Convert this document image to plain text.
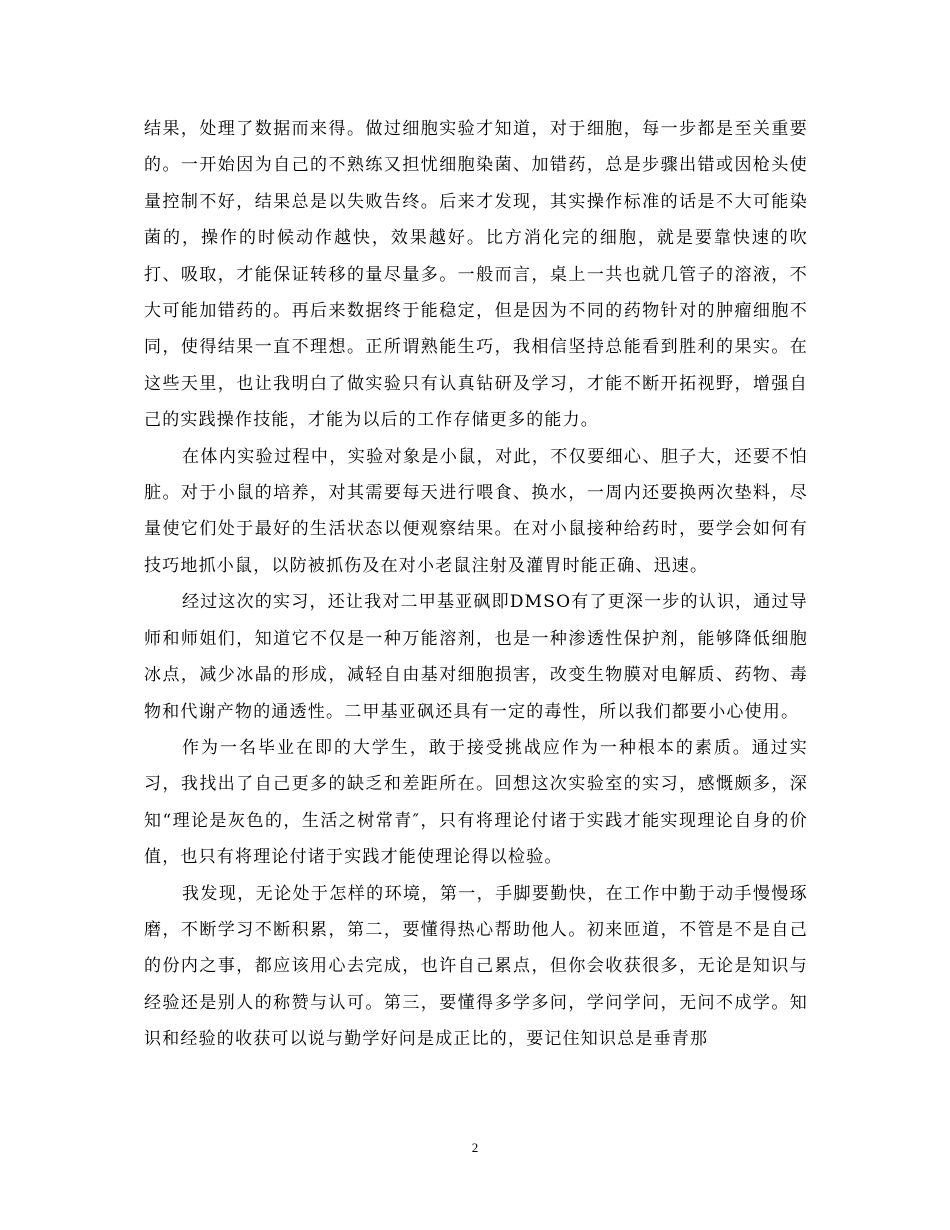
结果，处理了数据而来得。做过细胞实验才知道，对于细胞，每一步都是至关重要的。一开始因为自己的不熟练又担忧细胞染菌、加错药，总是步骤出错或因枪头使量控制不好，结果总是以失败告终。后来才发现，其实操作标准的话是不大可能染菌的，操作的时候动作越快，效果越好。比方消化完的细胞，就是要靠快速的吹打、吸取，才能保证转移的量尽量多。一般而言，桌上一共也就几管子的溶液，不大可能加错药的。再后来数据终于能稳定，但是因为不同的药物针对的肿瘤细胞不同，使得结果一直不理想。正所谓熟能生巧，我相信坚持总能看到胜利的果实。在这些天里，也让我明白了做实验只有认真钻研及学习，才能不断开拓视野，增强自己的实践操作技能，才能为以后的工作存储更多的能力。

在体内实验过程中，实验对象是小鼠，对此，不仅要细心、胆子大，还要不怕脏。对于小鼠的培养，对其需要每天进行喂食、换水，一周内还要换两次垫料，尽量使它们处于最好的生活状态以便观察结果。在对小鼠接种给药时，要学会如何有技巧地抓小鼠，以防被抓伤及在对小老鼠注射及灌胃时能正确、迅速。

经过这次的实习，还让我对二甲基亚砜即DMSO有了更深一步的认识，通过导师和师姐们，知道它不仅是一种万能溶剂，也是一种渗透性保护剂，能够降低细胞冰点，减少冰晶的形成，减轻自由基对细胞损害，改变生物膜对电解质、药物、毒物和代谢产物的通透性。二甲基亚砜还具有一定的毒性，所以我们都要小心使用。

作为一名毕业在即的大学生，敢于接受挑战应作为一种根本的素质。通过实习，我找出了自己更多的缺乏和差距所在。回想这次实验室的实习，感慨颇多，深知“理论是灰色的，生活之树常青″，只有将理论付诸于实践才能实现理论自身的价值，也只有将理论付诸于实践才能使理论得以检验。

我发现，无论处于怎样的环境，第一，手脚要勤快，在工作中勤于动手慢慢琢磨，不断学习不断积累，第二，要懂得热心帮助他人。初来匝道，不管是不是自己的份内之事，都应该用心去完成，也许自己累点，但你会收获很多，无论是知识与经验还是别人的称赞与认可。第三，要懂得多学多问，学问学问，无问不成学。知识和经验的收获可以说与勤学好问是成正比的，要记住知识总是垂青那

2
